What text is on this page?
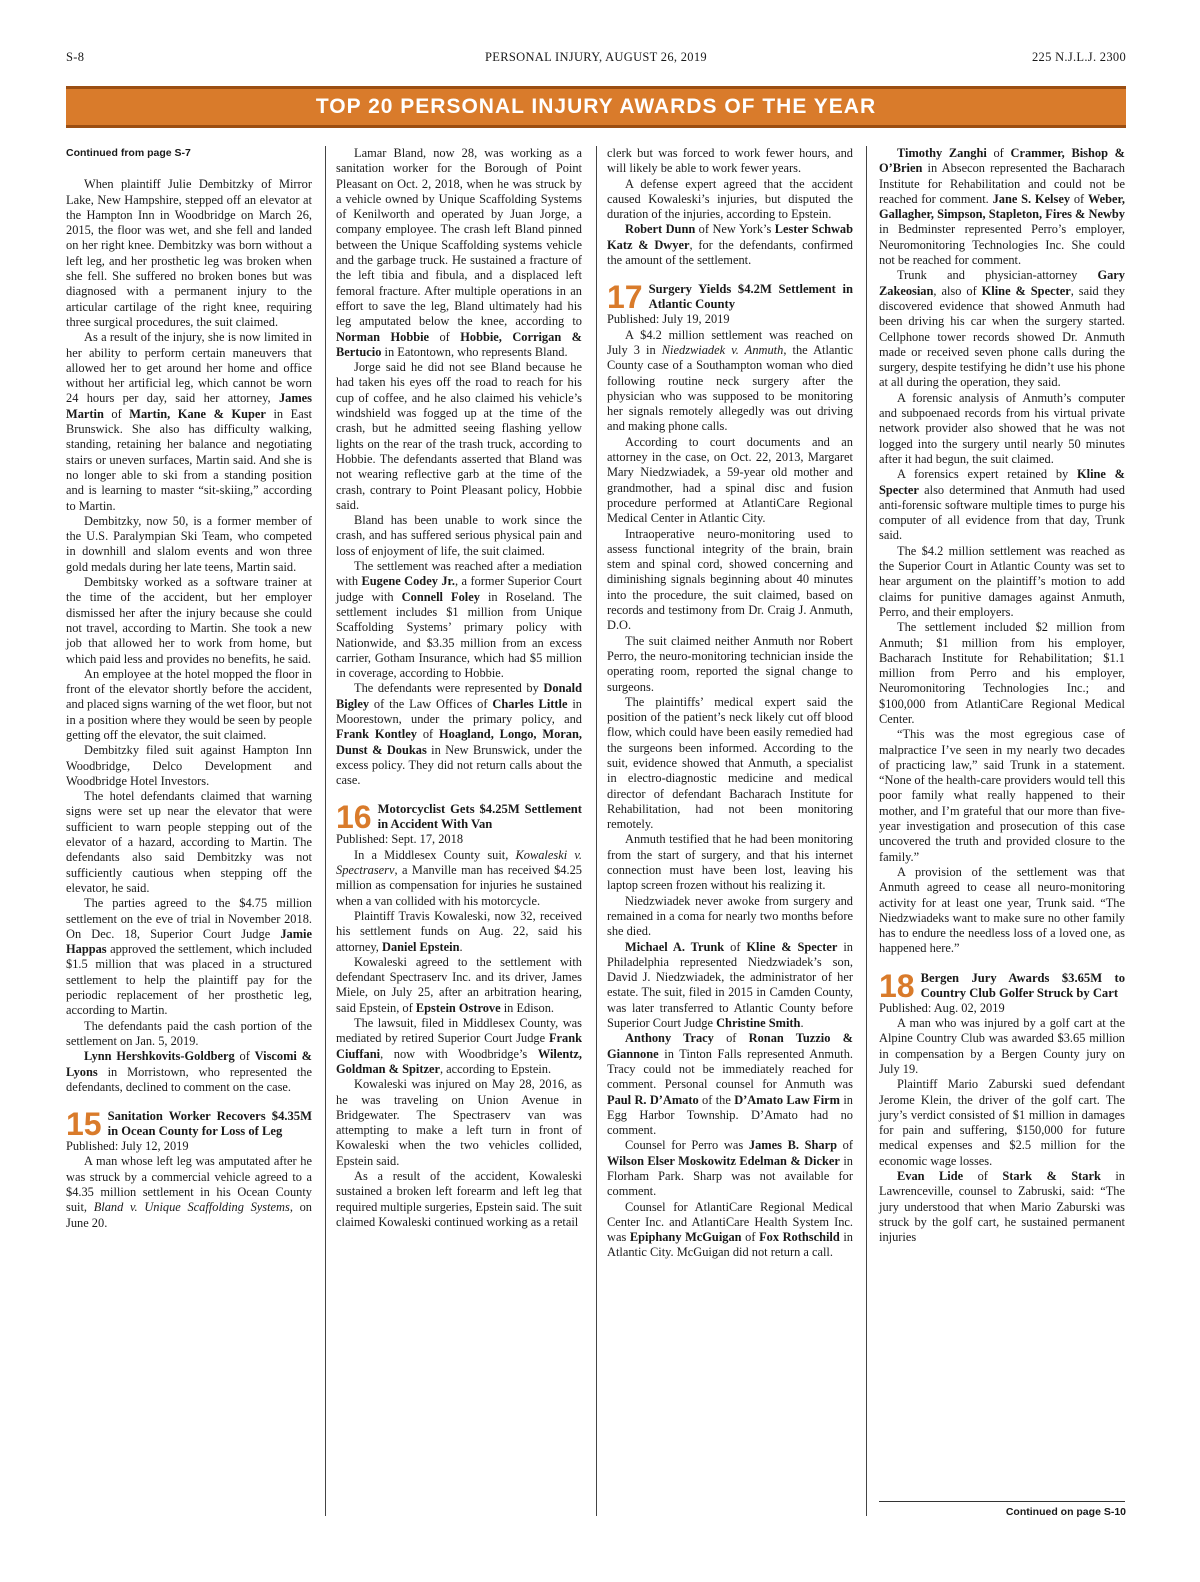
S-8	PERSONAL INJURY, AUGUST 26, 2019	225 N.J.L.J. 2300
TOP 20 PERSONAL INJURY AWARDS OF THE YEAR
Continued from page S-7

When plaintiff Julie Dembitzky of Mirror Lake, New Hampshire, stepped off an elevator at the Hampton Inn in Woodbridge on March 26, 2015, the floor was wet, and she fell and landed on her right knee. Dembitzky was born without a left leg, and her prosthetic leg was broken when she fell. She suffered no broken bones but was diagnosed with a permanent injury to the articular cartilage of the right knee, requiring three surgical procedures, the suit claimed.

As a result of the injury, she is now limited in her ability to perform certain maneuvers that allowed her to get around her home and office without her artificial leg, which cannot be worn 24 hours per day, said her attorney, James Martin of Martin, Kane & Kuper in East Brunswick. She also has difficulty walking, standing, retaining her balance and negotiating stairs or uneven surfaces, Martin said. And she is no longer able to ski from a standing position and is learning to master “sit-skiing,” according to Martin.

Dembitzky, now 50, is a former member of the U.S. Paralympian Ski Team, who competed in downhill and slalom events and won three gold medals during her late teens, Martin said.

Dembitsky worked as a software trainer at the time of the accident, but her employer dismissed her after the injury because she could not travel, according to Martin. She took a new job that allowed her to work from home, but which paid less and provides no benefits, he said.

An employee at the hotel mopped the floor in front of the elevator shortly before the accident, and placed signs warning of the wet floor, but not in a position where they would be seen by people getting off the elevator, the suit claimed.

Dembitzky filed suit against Hampton Inn Woodbridge, Delco Development and Woodbridge Hotel Investors.

The hotel defendants claimed that warning signs were set up near the elevator that were sufficient to warn people stepping out of the elevator of a hazard, according to Martin. The defendants also said Dembitzky was not sufficiently cautious when stepping off the elevator, he said.

The parties agreed to the $4.75 million settlement on the eve of trial in November 2018. On Dec. 18, Superior Court Judge Jamie Happas approved the settlement, which included $1.5 million that was placed in a structured settlement to help the plaintiff pay for the periodic replacement of her prosthetic leg, according to Martin.

The defendants paid the cash portion of the settlement on Jan. 5, 2019.

Lynn Hershkovits-Goldberg of Viscomi & Lyons in Morristown, who represented the defendants, declined to comment on the case.

15 Sanitation Worker Recovers $4.35M in Ocean County for Loss of Leg

Published: July 12, 2019

A man whose left leg was amputated after he was struck by a commercial vehicle agreed to a $4.35 million settlement in his Ocean County suit, Bland v. Unique Scaffolding Systems, on June 20.

Lamar Bland, now 28, was working as a sanitation worker for the Borough of Point Pleasant on Oct. 2, 2018, when he was struck by a vehicle owned by Unique Scaffolding Systems of Kenilworth and operated by Juan Jorge, a company employee. The crash left Bland pinned between the Unique Scaffolding systems vehicle and the garbage truck. He sustained a fracture of the left tibia and fibula, and a displaced left femoral fracture. After multiple operations in an effort to save the leg, Bland ultimately had his leg amputated below the knee, according to Norman Hobbie of Hobbie, Corrigan & Bertucio in Eatontown, who represents Bland.

Jorge said he did not see Bland because he had taken his eyes off the road to reach for his cup of coffee, and he also claimed his vehicle’s windshield was fogged up at the time of the crash, but he admitted seeing flashing yellow lights on the rear of the trash truck, according to Hobbie. The defendants asserted that Bland was not wearing reflective garb at the time of the crash, contrary to Point Pleasant policy, Hobbie said.

Bland has been unable to work since the crash, and has suffered serious physical pain and loss of enjoyment of life, the suit claimed.

The settlement was reached after a mediation with Eugene Codey Jr., a former Superior Court judge with Connell Foley in Roseland. The settlement includes $1 million from Unique Scaffolding Systems’ primary policy with Nationwide, and $3.35 million from an excess carrier, Gotham Insurance, which had $5 million in coverage, according to Hobbie.

The defendants were represented by Donald Bigley of the Law Offices of Charles Little in Moorestown, under the primary policy, and Frank Kontley of Hoagland, Longo, Moran, Dunst & Doukas in New Brunswick, under the excess policy. They did not return calls about the case.

16 Motorcyclist Gets $4.25M Settlement in Accident With Van

Published: Sept. 17, 2018

In a Middlesex County suit, Kowaleski v. Spectraserv, a Manville man has received $4.25 million as compensation for injuries he sustained when a van collided with his motorcycle.

Plaintiff Travis Kowaleski, now 32, received his settlement funds on Aug. 22, said his attorney, Daniel Epstein.

Kowaleski agreed to the settlement with defendant Spectraserv Inc. and its driver, James Miele, on July 25, after an arbitration hearing, said Epstein, of Epstein Ostrove in Edison.

The lawsuit, filed in Middlesex County, was mediated by retired Superior Court Judge Frank Ciuffani, now with Woodbridge’s Wilentz, Goldman & Spitzer, according to Epstein.

Kowaleski was injured on May 28, 2016, as he was traveling on Union Avenue in Bridgewater. The Spectraserv van was attempting to make a left turn in front of Kowaleski when the two vehicles collided, Epstein said.

As a result of the accident, Kowaleski sustained a broken left forearm and left leg that required multiple surgeries, Epstein said. The suit claimed Kowaleski continued working as a retail

clerk but was forced to work fewer hours, and will likely be able to work fewer years.

A defense expert agreed that the accident caused Kowaleski’s injuries, but disputed the duration of the injuries, according to Epstein.

Robert Dunn of New York’s Lester Schwab Katz & Dwyer, for the defendants, confirmed the amount of the settlement.

17 Surgery Yields $4.2M Settlement in Atlantic County

Published: July 19, 2019

A $4.2 million settlement was reached on July 3 in Niedzwiadek v. Anmuth, the Atlantic County case of a Southampton woman who died following routine neck surgery after the physician who was supposed to be monitoring her signals remotely allegedly was out driving and making phone calls.

According to court documents and an attorney in the case, on Oct. 22, 2013, Margaret Mary Niedzwiadek, a 59-year old mother and grandmother, had a spinal disc and fusion procedure performed at AtlantiCare Regional Medical Center in Atlantic City.

Intraoperative neuro-monitoring used to assess functional integrity of the brain, brain stem and spinal cord, showed concerning and diminishing signals beginning about 40 minutes into the procedure, the suit claimed, based on records and testimony from Dr. Craig J. Anmuth, D.O.

The suit claimed neither Anmuth nor Robert Perro, the neuro-monitoring technician inside the operating room, reported the signal change to surgeons.

The plaintiffs’ medical expert said the position of the patient’s neck likely cut off blood flow, which could have been easily remedied had the surgeons been informed. According to the suit, evidence showed that Anmuth, a specialist in electro-diagnostic medicine and medical director of defendant Bacharach Institute for Rehabilitation, had not been monitoring remotely.

Anmuth testified that he had been monitoring from the start of surgery, and that his internet connection must have been lost, leaving his laptop screen frozen without his realizing it.

Niedzwiadek never awoke from surgery and remained in a coma for nearly two months before she died.

Michael A. Trunk of Kline & Specter in Philadelphia represented Niedzwiadek’s son, David J. Niedzwiadek, the administrator of her estate. The suit, filed in 2015 in Camden County, was later transferred to Atlantic County before Superior Court Judge Christine Smith.

Anthony Tracy of Ronan Tuzzio & Giannone in Tinton Falls represented Anmuth. Tracy could not be immediately reached for comment. Personal counsel for Anmuth was Paul R. D’Amato of the D’Amato Law Firm in Egg Harbor Township. D’Amato had no comment.

Counsel for Perro was James B. Sharp of Wilson Elser Moskowitz Edelman & Dicker in Florham Park. Sharp was not available for comment.

Counsel for AtlantiCare Regional Medical Center Inc. and AtlantiCare Health System Inc. was Epiphany McGuigan of Fox Rothschild in Atlantic City. McGuigan did not return a call.

Timothy Zanghi of Crammer, Bishop & O’Brien in Absecon represented the Bacharach Institute for Rehabilitation and could not be reached for comment. Jane S. Kelsey of Weber, Gallagher, Simpson, Stapleton, Fires & Newby in Bedminster represented Perro’s employer, Neuromonitoring Technologies Inc. She could not be reached for comment.

Trunk and physician-attorney Gary Zakeosian, also of Kline & Specter, said they discovered evidence that showed Anmuth had been driving his car when the surgery started. Cellphone tower records showed Dr. Anmuth made or received seven phone calls during the surgery, despite testifying he didn’t use his phone at all during the operation, they said.

A forensic analysis of Anmuth’s computer and subpoenaed records from his virtual private network provider also showed that he was not logged into the surgery until nearly 50 minutes after it had begun, the suit claimed.

A forensics expert retained by Kline & Specter also determined that Anmuth had used anti-forensic software multiple times to purge his computer of all evidence from that day, Trunk said.

The $4.2 million settlement was reached as the Superior Court in Atlantic County was set to hear argument on the plaintiff’s motion to add claims for punitive damages against Anmuth, Perro, and their employers.

The settlement included $2 million from Anmuth; $1 million from his employer, Bacharach Institute for Rehabilitation; $1.1 million from Perro and his employer, Neuromonitoring Technologies Inc.; and $100,000 from AtlantiCare Regional Medical Center.

“This was the most egregious case of malpractice I’ve seen in my nearly two decades of practicing law,” said Trunk in a statement. “None of the health-care providers would tell this poor family what really happened to their mother, and I’m grateful that our more than five-year investigation and prosecution of this case uncovered the truth and provided closure to the family.”

A provision of the settlement was that Anmuth agreed to cease all neuro-monitoring activity for at least one year, Trunk said. “The Niedzwiadeks want to make sure no other family has to endure the needless loss of a loved one, as happened here.”

18 Bergen Jury Awards $3.65M to Country Club Golfer Struck by Cart

Published: Aug. 02, 2019

A man who was injured by a golf cart at the Alpine Country Club was awarded $3.65 million in compensation by a Bergen County jury on July 19.

Plaintiff Mario Zaburski sued defendant Jerome Klein, the driver of the golf cart. The jury’s verdict consisted of $1 million in damages for pain and suffering, $150,000 for future medical expenses and $2.5 million for the economic wage losses.

Evan Lide of Stark & Stark in Lawrenceville, counsel to Zabruski, said: “The jury understood that when Mario Zaburski was struck by the golf cart, he sustained permanent injuries

Continued on page S-10
